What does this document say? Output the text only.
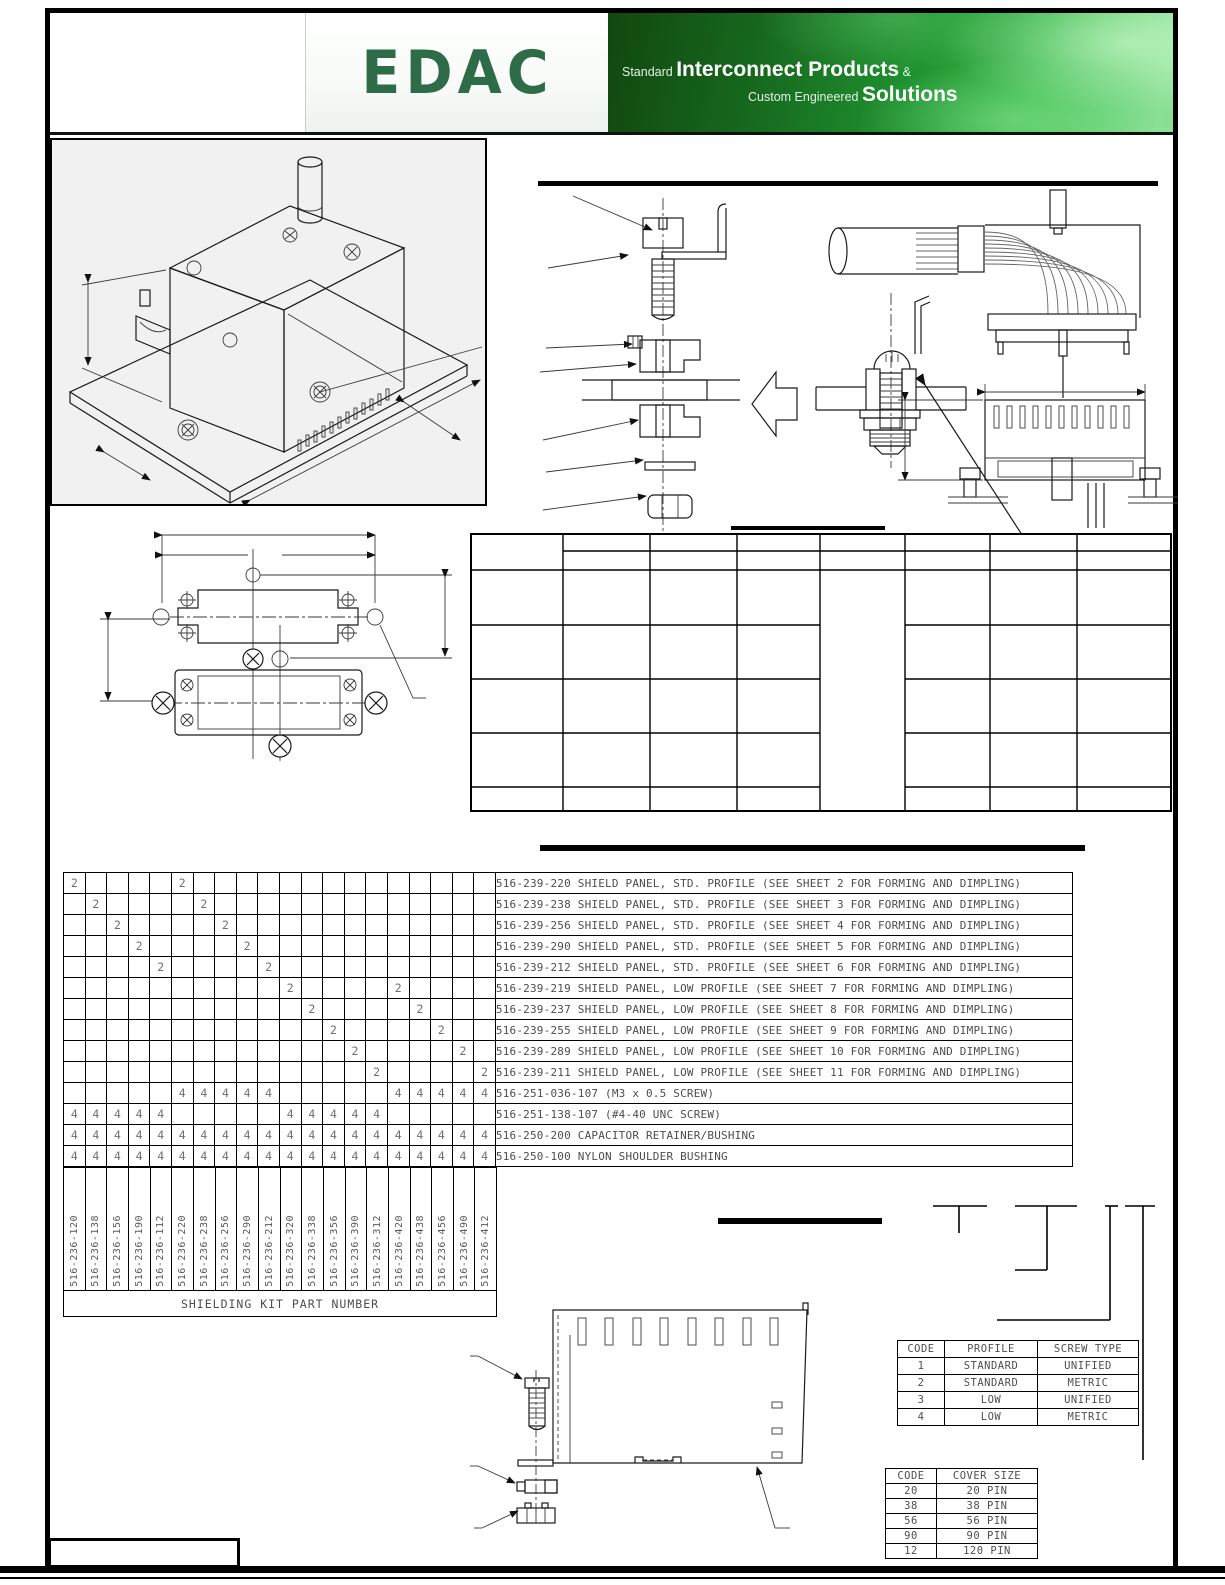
EDAC	Standard Interconnect Products &
Custom Engineered Solutions
2					2															516-239-220 SHIELD PANEL, STD. PROFILE (SEE SHEET 2 FOR FORMING AND DIMPLING)
	2					2														516-239-238 SHIELD PANEL, STD. PROFILE (SEE SHEET 3 FOR FORMING AND DIMPLING)
		2					2													516-239-256 SHIELD PANEL, STD. PROFILE (SEE SHEET 4 FOR FORMING AND DIMPLING)
			2					2												516-239-290 SHIELD PANEL, STD. PROFILE (SEE SHEET 5 FOR FORMING AND DIMPLING)
				2					2											516-239-212 SHIELD PANEL, STD. PROFILE (SEE SHEET 6 FOR FORMING AND DIMPLING)
										2					2					516-239-219 SHIELD PANEL, LOW PROFILE (SEE SHEET 7 FOR FORMING AND DIMPLING)
											2					2				516-239-237 SHIELD PANEL, LOW PROFILE (SEE SHEET 8 FOR FORMING AND DIMPLING)
												2					2			516-239-255 SHIELD PANEL, LOW PROFILE (SEE SHEET 9 FOR FORMING AND DIMPLING)
													2					2		516-239-289 SHIELD PANEL, LOW PROFILE (SEE SHEET 10 FOR FORMING AND DIMPLING)
														2					2	516-239-211 SHIELD PANEL, LOW PROFILE (SEE SHEET 11 FOR FORMING AND DIMPLING)
					4	4	4	4	4						4	4	4	4	4	516-251-036-107 (M3 x 0.5 SCREW)
4	4	4	4	4						4	4	4	4	4						516-251-138-107 (#4-40 UNC SCREW)
4	4	4	4	4	4	4	4	4	4	4	4	4	4	4	4	4	4	4	4	516-250-200 CAPACITOR RETAINER/BUSHING
4	4	4	4	4	4	4	4	4	4	4	4	4	4	4	4	4	4	4	4	516-250-100 NYLON SHOULDER BUSHING
516-236-120 516-236-138 516-236-156 516-236-190 516-236-112 516-236-220 516-236-238 516-236-256 516-236-290 516-236-212 516-236-320 516-236-338 516-236-356 516-236-390 516-236-312 516-236-420 516-236-438 516-236-456 516-236-490 516-236-412
SHIELDING KIT PART NUMBER
CODE	PROFILE	SCREW TYPE
1	STANDARD	UNIFIED
2	STANDARD	METRIC
3	LOW	UNIFIED
4	LOW	METRIC
CODE	COVER SIZE
20	20 PIN
38	38 PIN
56	56 PIN
90	90 PIN
12	120 PIN
